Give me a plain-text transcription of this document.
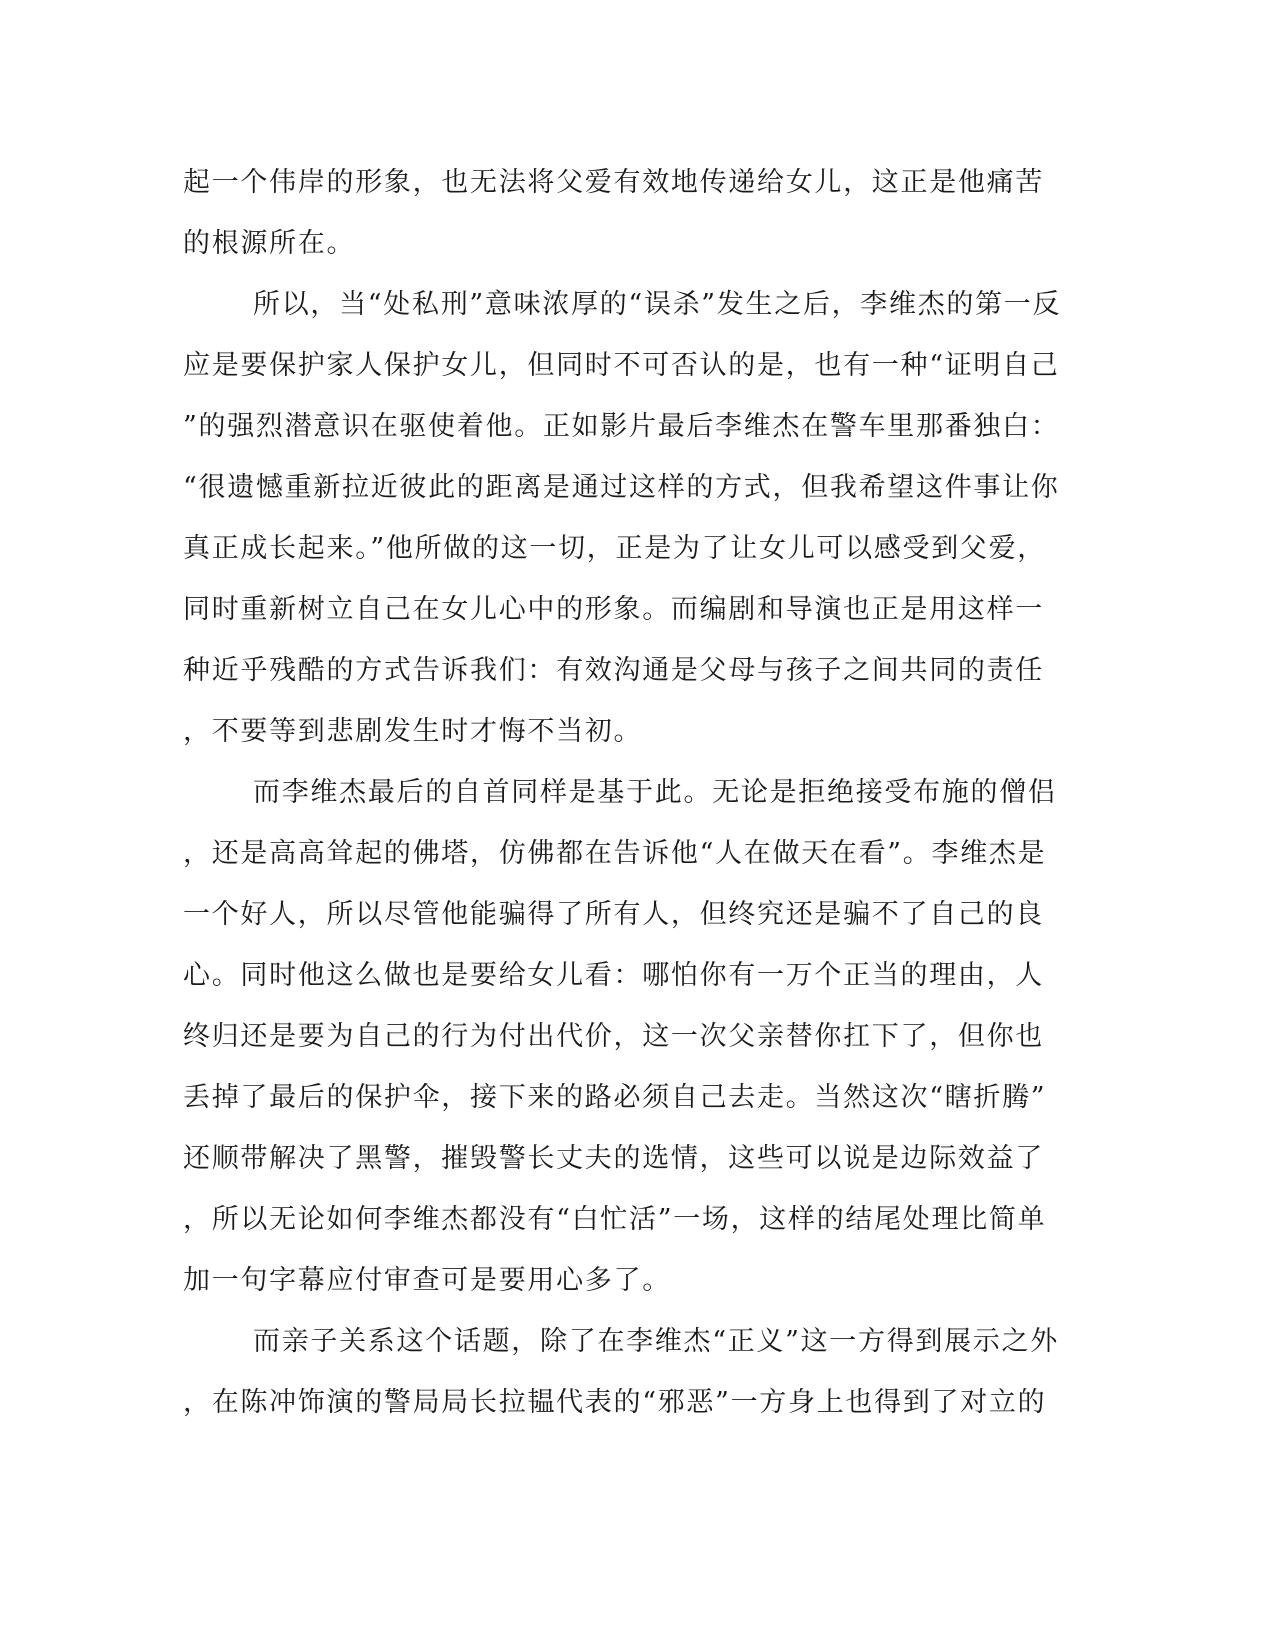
起一个伟岸的形象，也无法将父爱有效地传递给女儿，这正是他痛苦
的根源所在。
所以，当“处私刑”意味浓厚的“误杀”发生之后，李维杰的第一反
应是要保护家人保护女儿，但同时不可否认的是，也有一种“证明自己
”的强烈潜意识在驱使着他。正如影片最后李维杰在警车里那番独白：
“很遗憾重新拉近彼此的距离是通过这样的方式，但我希望这件事让你
真正成长起来。”他所做的这一切，正是为了让女儿可以感受到父爱，
同时重新树立自己在女儿心中的形象。而编剧和导演也正是用这样一
种近乎残酷的方式告诉我们：有效沟通是父母与孩子之间共同的责任
，不要等到悲剧发生时才悔不当初。
而李维杰最后的自首同样是基于此。无论是拒绝接受布施的僧侣
，还是高高耸起的佛塔，仿佛都在告诉他“人在做天在看”。李维杰是
一个好人，所以尽管他能骗得了所有人，但终究还是骗不了自己的良
心。同时他这么做也是要给女儿看：哪怕你有一万个正当的理由，人
终归还是要为自己的行为付出代价，这一次父亲替你扛下了，但你也
丢掉了最后的保护伞，接下来的路必须自己去走。当然这次“瞎折腾”
还顺带解决了黑警，摧毁警长丈夫的选情，这些可以说是边际效益了
，所以无论如何李维杰都没有“白忙活”一场，这样的结尾处理比简单
加一句字幕应付审查可是要用心多了。
而亲子关系这个话题，除了在李维杰“正义”这一方得到展示之外
，在陈冲饰演的警局局长拉韫代表的“邪恶”一方身上也得到了对立的
